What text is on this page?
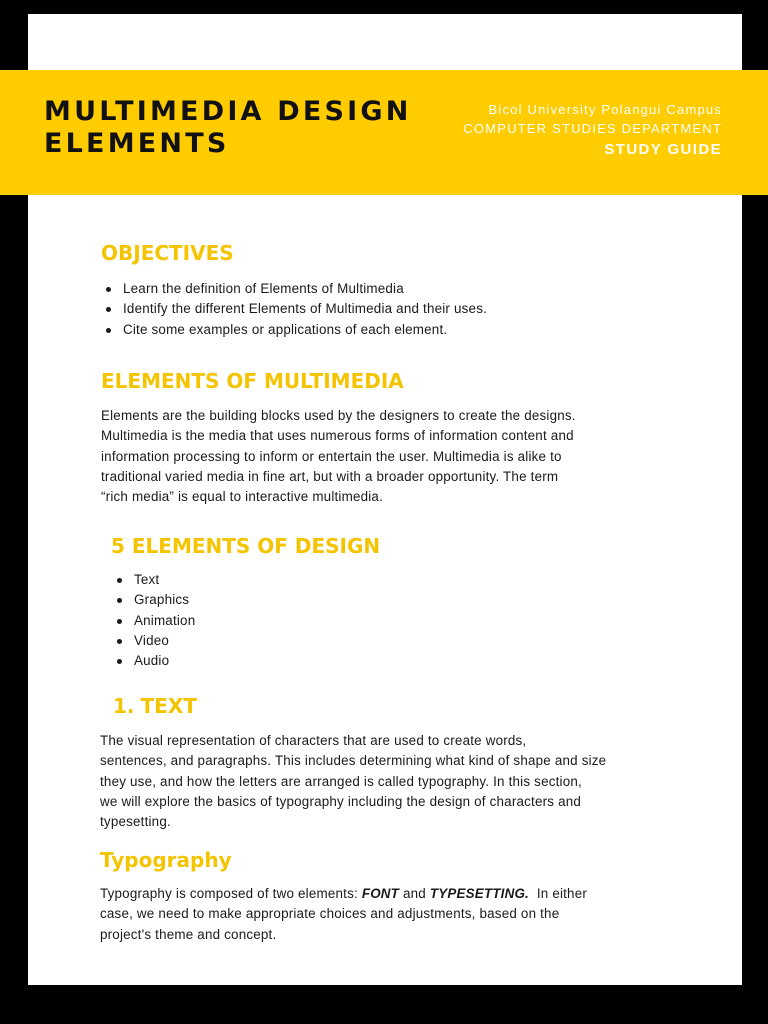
MULTIMEDIA DESIGN
ELEMENTS
Bicol University Polangui Campus
COMPUTER STUDIES DEPARTMENT
STUDY GUIDE
OBJECTIVES
Learn the definition of Elements of Multimedia
Identify the different Elements of Multimedia and their uses.
Cite some examples or applications of each element.
ELEMENTS OF MULTIMEDIA

Elements are the building blocks used by the designers to create the designs.
Multimedia is the media that uses numerous forms of information content and
information processing to inform or entertain the user. Multimedia is alike to
traditional varied media in fine art, but with a broader opportunity. The term
“rich media” is equal to interactive multimedia.

5 ELEMENTS OF DESIGN
Text
Graphics
Animation
Video
Audio
1. TEXT

The visual representation of characters that are used to create words,
sentences, and paragraphs. This includes determining what kind of shape and size
they use, and how the letters are arranged is called typography. In this section,
we will explore the basics of typography including the design of characters and
typesetting.

Typography

Typography is composed of two elements: FONT and TYPESETTING.  In either
case, we need to make appropriate choices and adjustments, based on the
project's theme and concept.
